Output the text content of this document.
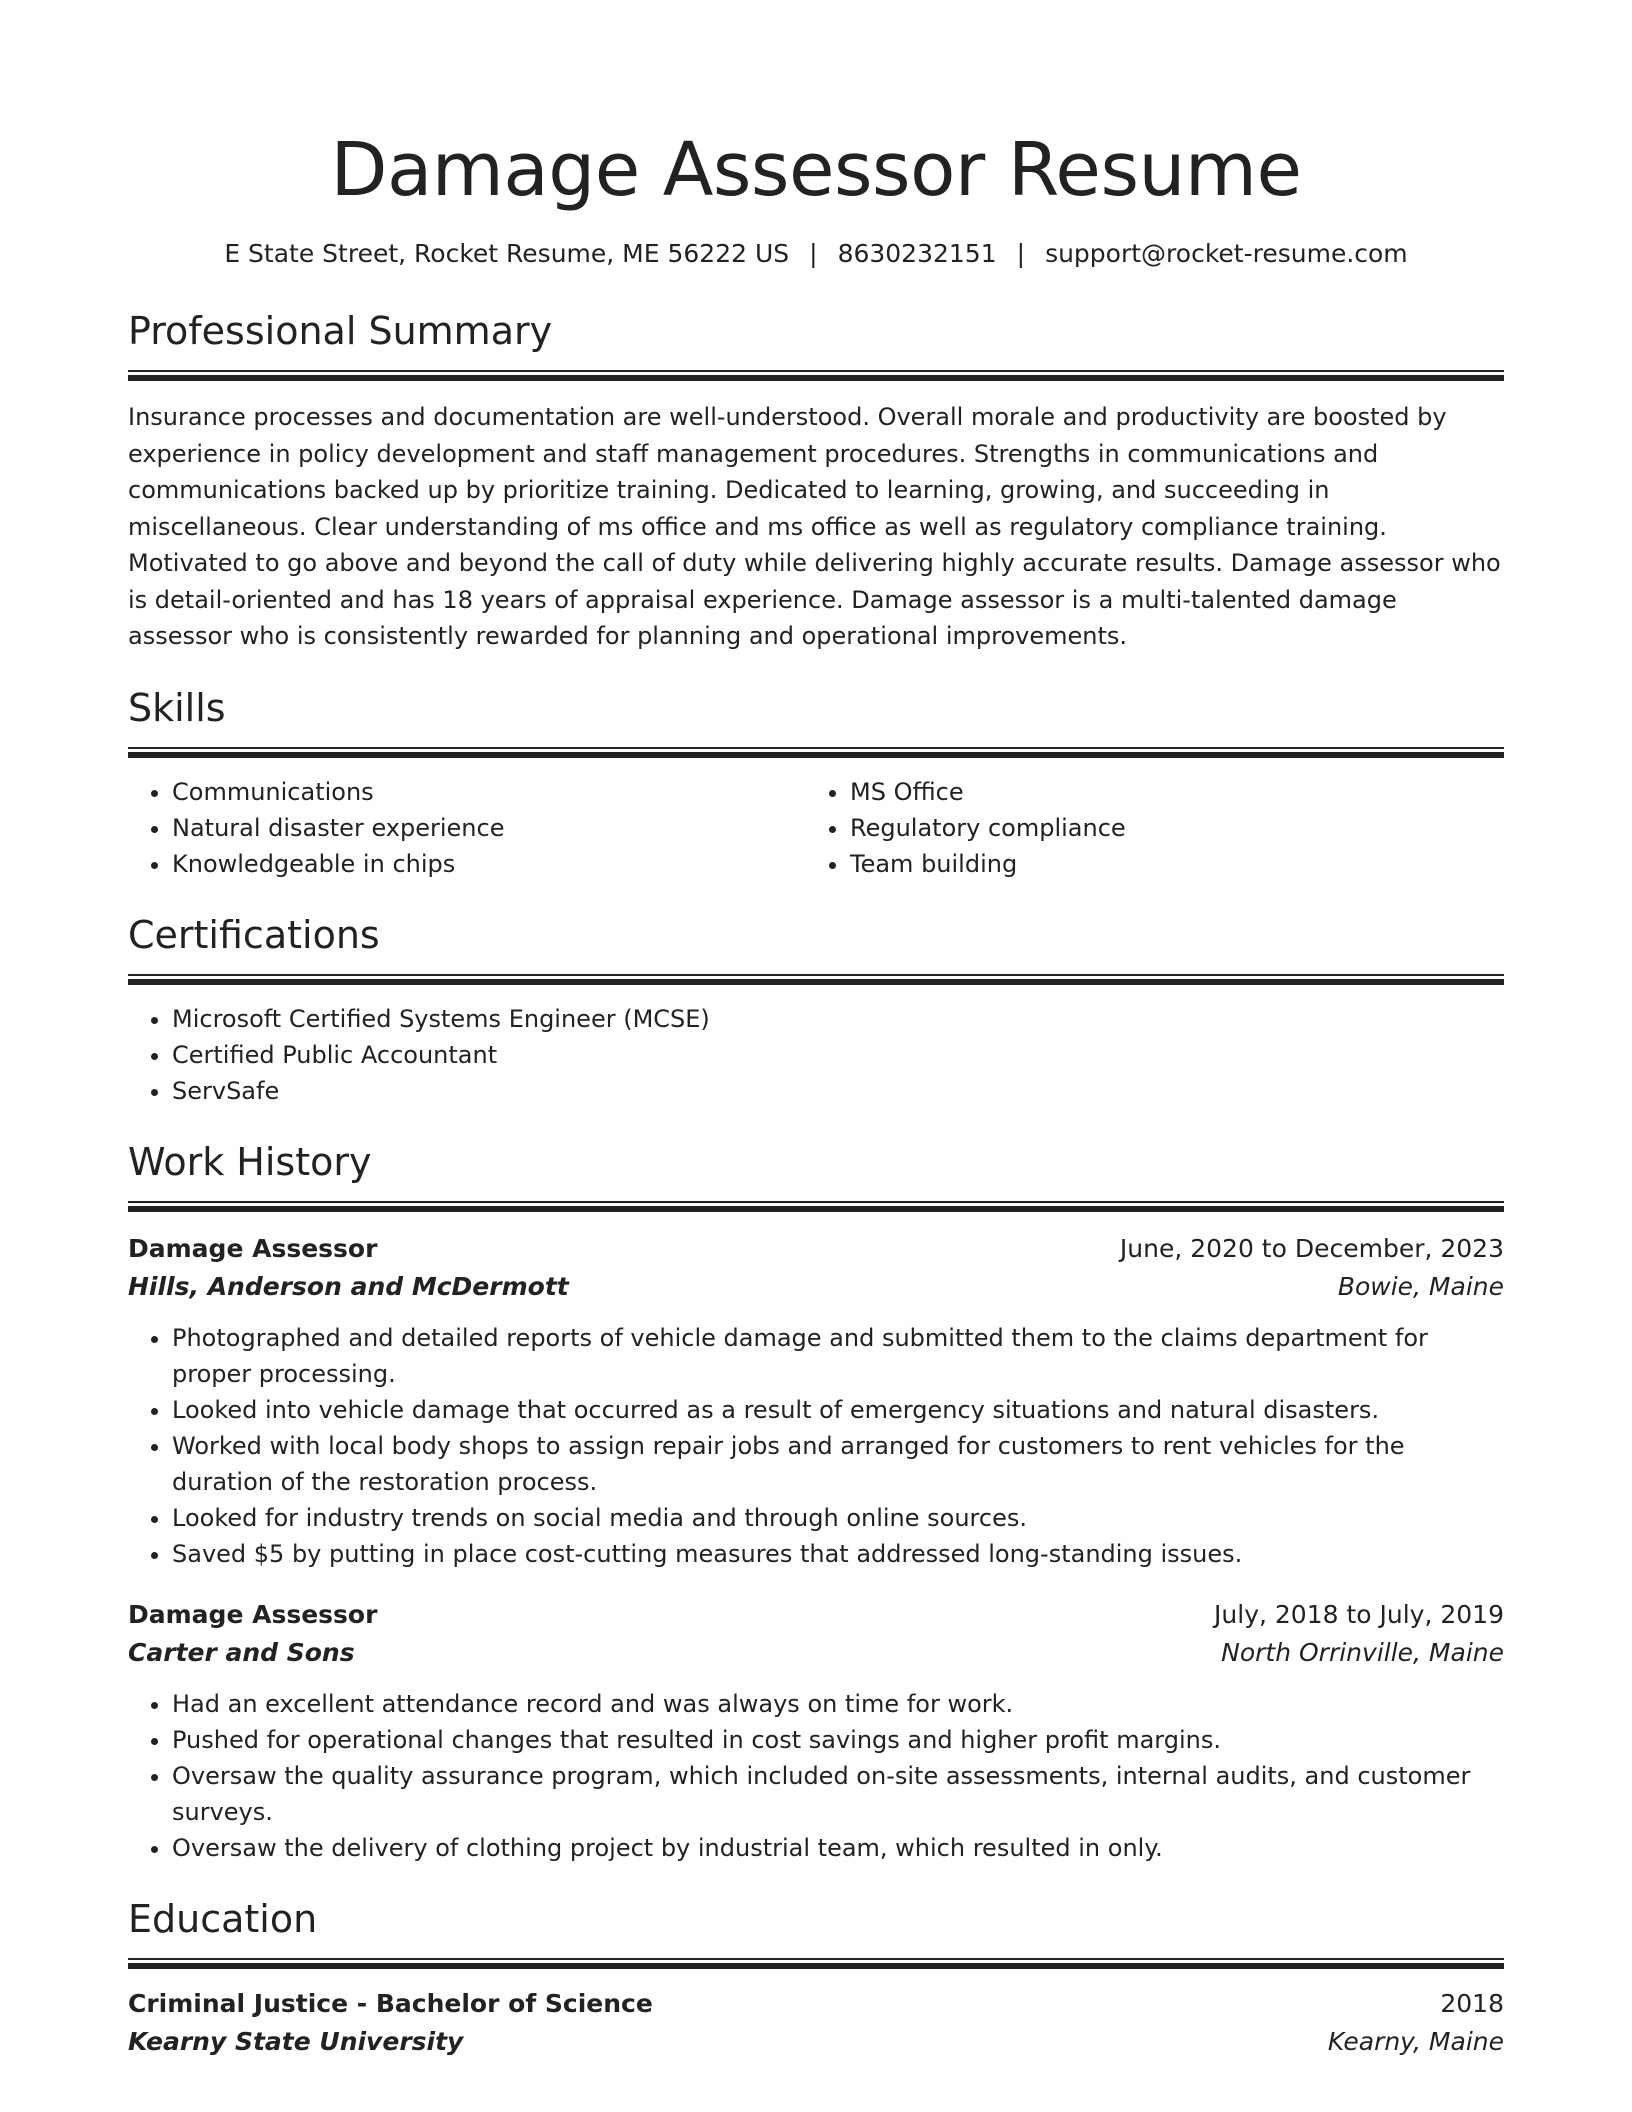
Damage Assessor Resume
E State Street, Rocket Resume, ME 56222 US | 8630232151 | support@rocket-resume.com
Professional Summary
Insurance processes and documentation are well-understood. Overall morale and productivity are boosted by experience in policy development and staff management procedures. Strengths in communications and communications backed up by prioritize training. Dedicated to learning, growing, and succeeding in miscellaneous. Clear understanding of ms office and ms office as well as regulatory compliance training. Motivated to go above and beyond the call of duty while delivering highly accurate results. Damage assessor who is detail-oriented and has 18 years of appraisal experience. Damage assessor is a multi-talented damage assessor who is consistently rewarded for planning and operational improvements.
Skills
• Communications
• Natural disaster experience
• Knowledgeable in chips
• MS Office
• Regulatory compliance
• Team building
Certifications
• Microsoft Certified Systems Engineer (MCSE)
• Certified Public Accountant
• ServSafe
Work History
Damage Assessor	June, 2020 to December, 2023
Hills, Anderson and McDermott	Bowie, Maine
• Photographed and detailed reports of vehicle damage and submitted them to the claims department for proper processing.
• Looked into vehicle damage that occurred as a result of emergency situations and natural disasters.
• Worked with local body shops to assign repair jobs and arranged for customers to rent vehicles for the duration of the restoration process.
• Looked for industry trends on social media and through online sources.
• Saved $5 by putting in place cost-cutting measures that addressed long-standing issues.
Damage Assessor	July, 2018 to July, 2019
Carter and Sons	North Orrinville, Maine
• Had an excellent attendance record and was always on time for work.
• Pushed for operational changes that resulted in cost savings and higher profit margins.
• Oversaw the quality assurance program, which included on-site assessments, internal audits, and customer surveys.
• Oversaw the delivery of clothing project by industrial team, which resulted in only.
Education
Criminal Justice - Bachelor of Science	2018
Kearny State University	Kearny, Maine
